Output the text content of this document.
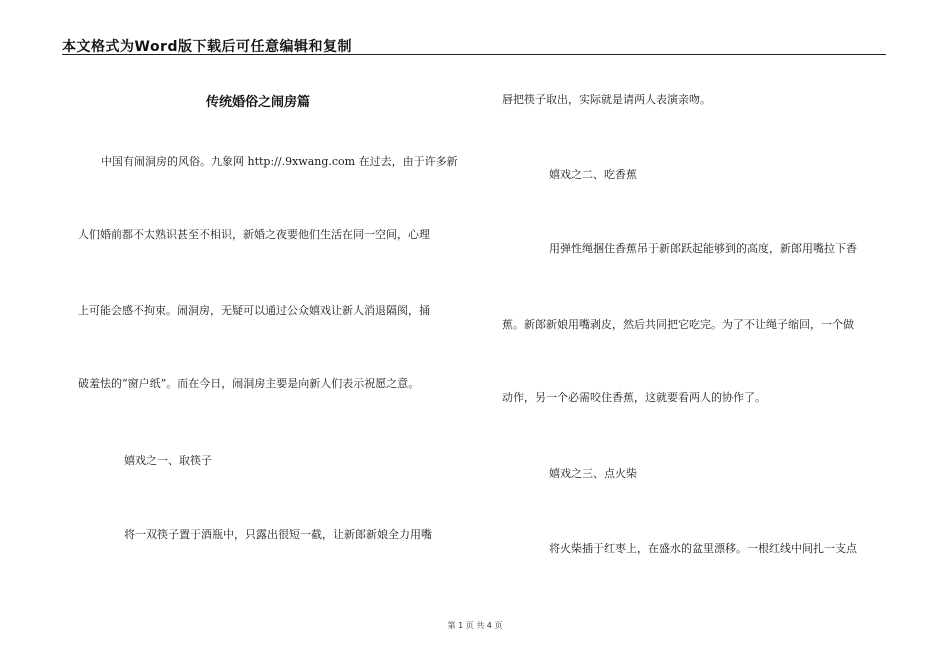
本文格式为Word版下载后可任意编辑和复制
传统婚俗之闹房篇
中国有闹洞房的风俗。九象网 http://.9xwang.com 在过去，由于许多新
人们婚前都不太熟识甚至不相识，新婚之夜要他们生活在同一空间，心理
上可能会感不拘束。闹洞房，无疑可以通过公众嬉戏让新人消退隔阂，捅
破羞怯的“窗户纸”。而在今日，闹洞房主要是向新人们表示祝愿之意。
嬉戏之一、取筷子
将一双筷子置于酒瓶中，只露出很短一截，让新郎新娘全力用嘴
唇把筷子取出，实际就是请两人表演亲吻。
嬉戏之二、吃香蕉
用弹性绳捆住香蕉吊于新郎跃起能够到的高度，新郎用嘴拉下香
蕉。新郎新娘用嘴剥皮，然后共同把它吃完。为了不让绳子缩回，一个做
动作，另一个必需咬住香蕉，这就要看两人的协作了。
嬉戏之三、点火柴
将火柴插于红枣上，在盛水的盆里漂移。一根红线中间扎一支点
第 1 页 共 4 页
